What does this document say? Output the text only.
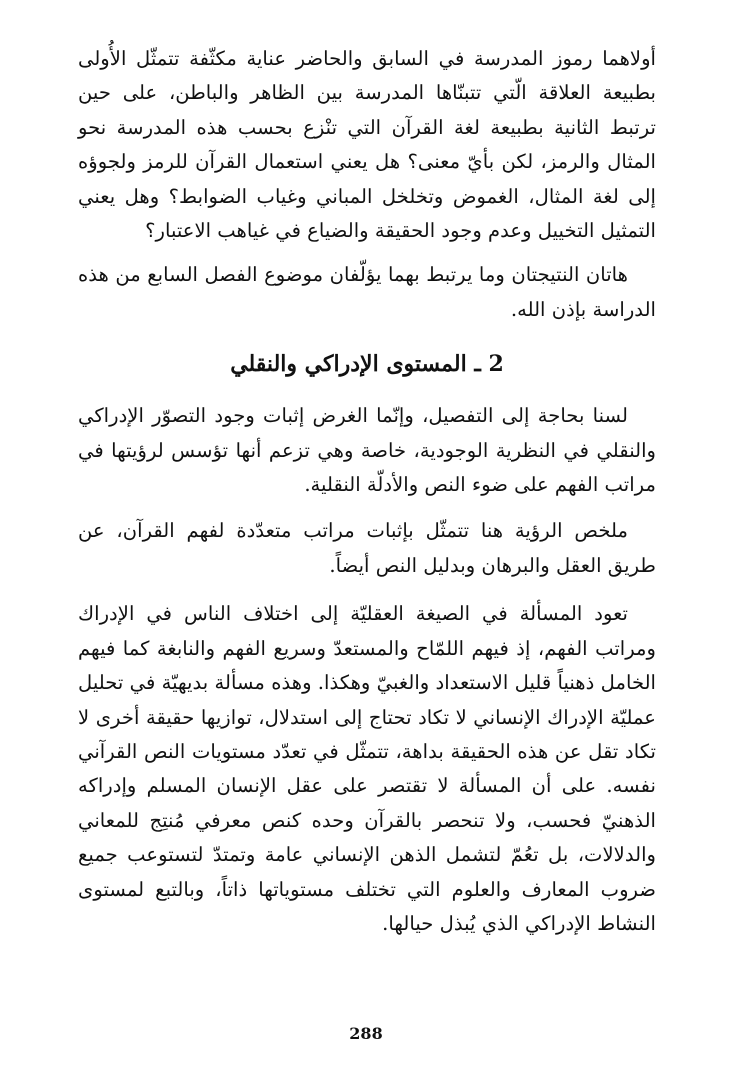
أولاهما رموز المدرسة في السابق والحاضر عناية مكثّفة تتمثّل الأُولى بطبيعة العلاقة الّتي تتبنّاها المدرسة بين الظاهر والباطن، على حين ترتبط الثانية بطبيعة لغة القرآن التي تنْزع بحسب هذه المدرسة نحو المثال والرمز، لكن بأيّ معنى؟ هل يعني استعمال القرآن للرمز ولجوؤه إلى لغة المثال، الغموض وتخلخل المباني وغياب الضوابط؟ وهل يعني التمثيل التخييل وعدم وجود الحقيقة والضياع في غياهب الاعتبار؟

هاتان النتيجتان وما يرتبط بهما يؤلّفان موضوع الفصل السابع من هذه الدراسة بإذن الله.

2 ـ المستوى الإدراكي والنقلي

لسنا بحاجة إلى التفصيل، وإنّما الغرض إثبات وجود التصوّر الإدراكي والنقلي في النظرية الوجودية، خاصة وهي تزعم أنها تؤسس لرؤيتها في مراتب الفهم على ضوء النص والأدلّة النقلية.

ملخص الرؤية هنا تتمثّل بإثبات مراتب متعدّدة لفهم القرآن، عن طريق العقل والبرهان وبدليل النص أيضاً.

تعود المسألة في الصيغة العقليّة إلى اختلاف الناس في الإدراك ومراتب الفهم، إذ فيهم اللمّاح والمستعدّ وسريع الفهم والنابغة كما فيهم الخامل ذهنياً قليل الاستعداد والغبيّ وهكذا. وهذه مسألة بديهيّة في تحليل عمليّة الإدراك الإنساني لا تكاد تحتاج إلى استدلال، توازيها حقيقة أخرى لا تكاد تقل عن هذه الحقيقة بداهة، تتمثّل في تعدّد مستويات النص القرآني نفسه. على أن المسألة لا تقتصر على عقل الإنسان المسلم وإدراكه الذهنيّ فحسب، ولا تنحصر بالقرآن وحده كنص معرفي مُنتِج للمعاني والدلالات، بل تعُمّ لتشمل الذهن الإنساني عامة وتمتدّ لتستوعب جميع ضروب المعارف والعلوم التي تختلف مستوياتها ذاتاً، وبالتبع لمستوى النشاط الإدراكي الذي يُبذل حيالها.

288
